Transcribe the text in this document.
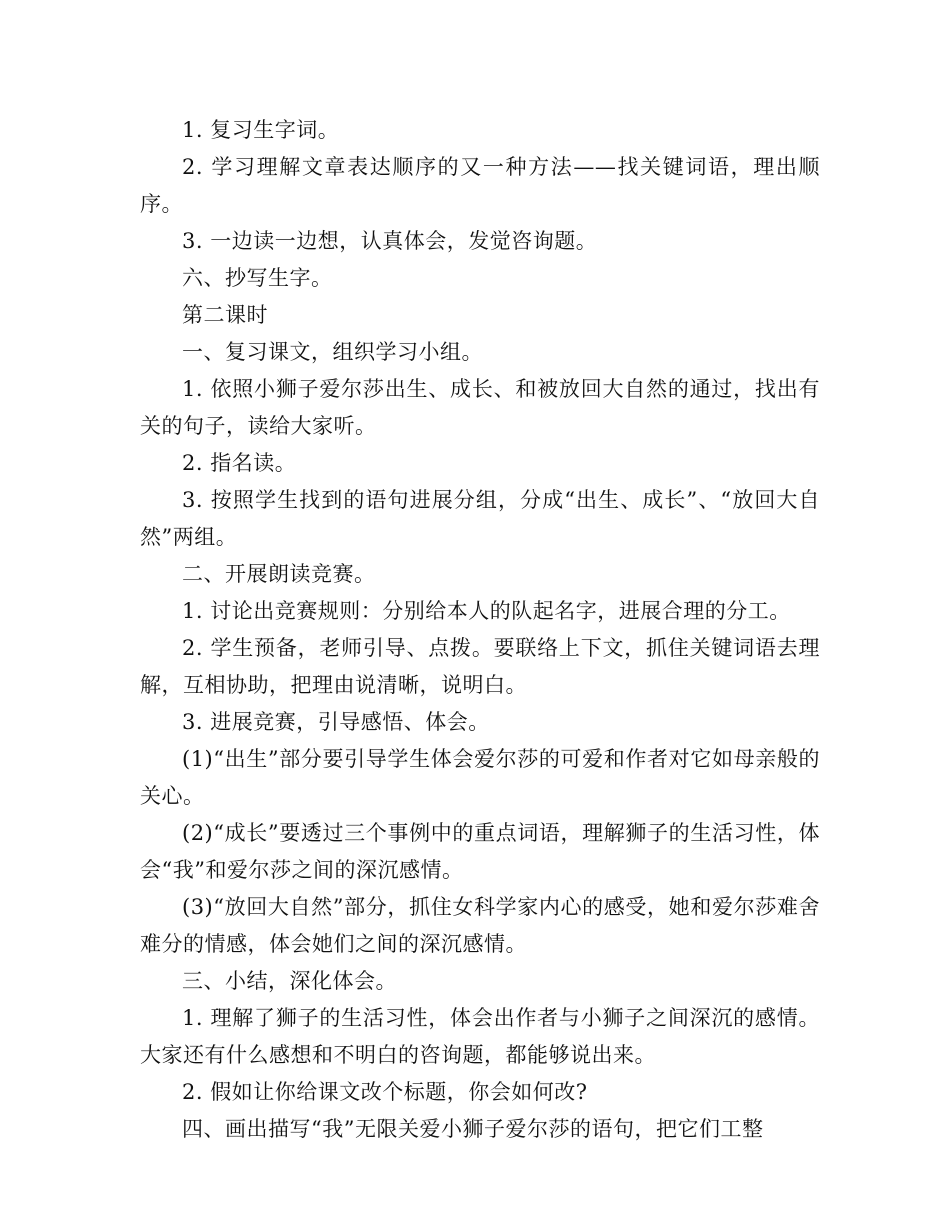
1. 复习生字词。

2. 学习理解文章表达顺序的又一种方法——找关键词语，理出顺序。

3. 一边读一边想，认真体会，发觉咨询题。

六、抄写生字。

第二课时

一、复习课文，组织学习小组。

1. 依照小狮子爱尔莎出生、成长、和被放回大自然的通过，找出有关的句子，读给大家听。

2. 指名读。

3. 按照学生找到的语句进展分组，分成“出生、成长”、“放回大自然”两组。

二、开展朗读竞赛。

1. 讨论出竞赛规则：分别给本人的队起名字，进展合理的分工。

2. 学生预备，老师引导、点拨。要联络上下文，抓住关键词语去理解，互相协助，把理由说清晰，说明白。

3. 进展竞赛，引导感悟、体会。

(1)“出生”部分要引导学生体会爱尔莎的可爱和作者对它如母亲般的关心。

(2)“成长”要透过三个事例中的重点词语，理解狮子的生活习性，体会“我”和爱尔莎之间的深沉感情。

(3)“放回大自然”部分，抓住女科学家内心的感受，她和爱尔莎难舍难分的情感，体会她们之间的深沉感情。

三、小结，深化体会。

1. 理解了狮子的生活习性，体会出作者与小狮子之间深沉的感情。大家还有什么感想和不明白的咨询题，都能够说出来。

2. 假如让你给课文改个标题，你会如何改?

四、画出描写“我”无限关爱小狮子爱尔莎的语句，把它们工整
